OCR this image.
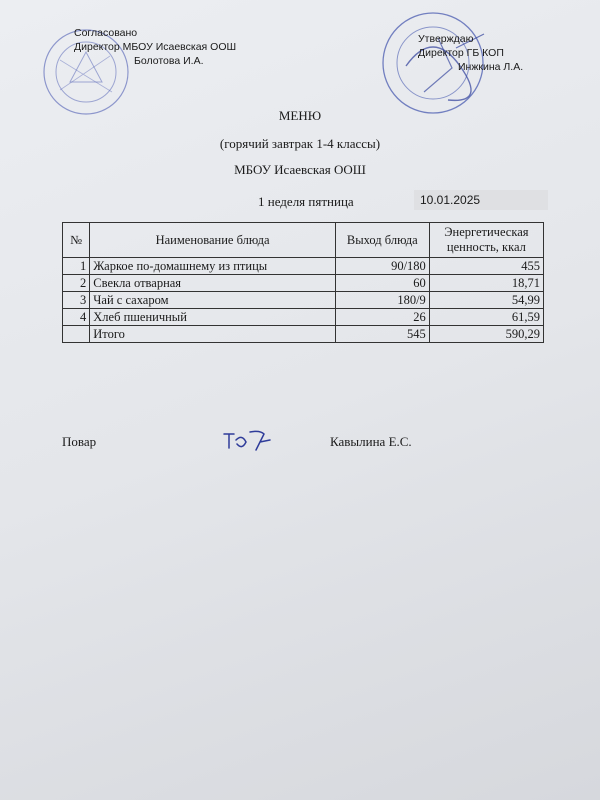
Согласовано
Директор МБОУ Исаевская ООШ
Болотова И.А.
Утверждаю
Директор ГБ КОП
Инжкина Л.А.
МЕНЮ
(горячий завтрак 1-4 классы)
МБОУ Исаевская ООШ
1 неделя пятница	10.01.2025
№	Наименование блюда	Выход блюда	Энергетическая ценность, ккал
1	Жаркое по-домашнему из птицы	90/180	455
2	Свекла отварная	60	18,71
3	Чай с сахаром	180/9	54,99
4	Хлеб пшеничный	26	61,59
	Итого	545	590,29
Повар	Кавылина Е.С.
